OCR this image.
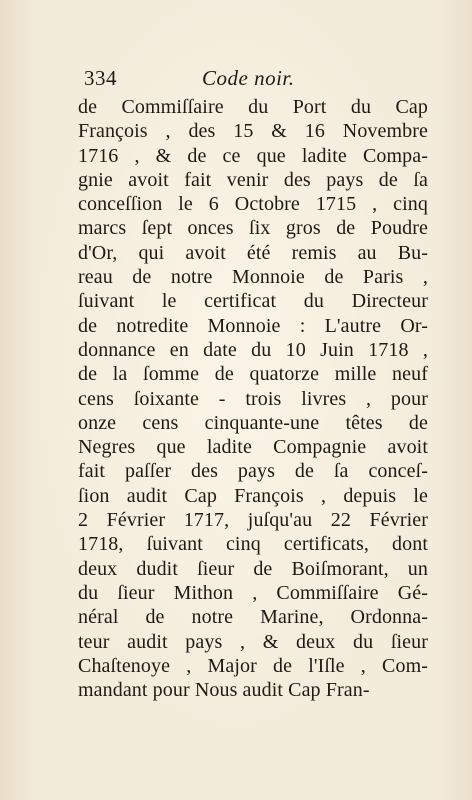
334	Code noir.
de Commiſſaire du Port du Cap
François , des 15 & 16 Novembre
1716 , & de ce que ladite Compa-
gnie avoit fait venir des pays de ſa
conceſſion le 6 Octobre 1715 , cinq
marcs ſept onces ſix gros de Poudre
d'Or, qui avoit été remis au Bu-
reau de notre Monnoie de Paris ,
ſuivant le certificat du Directeur
de notredite Monnoie : L'autre Or-
donnance en date du 10 Juin 1718 ,
de la ſomme de quatorze mille neuf
cens ſoixante - trois livres , pour
onze cens cinquante-une têtes de
Negres que ladite Compagnie avoit
fait paſſer des pays de ſa conceſ-
ſion audit Cap François , depuis le
2 Février 1717, juſqu'au 22 Février
1718, ſuivant cinq certificats, dont
deux dudit ſieur de Boiſmorant, un
du ſieur Mithon , Commiſſaire Gé-
néral de notre Marine, Ordonna-
teur audit pays , & deux du ſieur
Chaſtenoye , Major de l'Iſle , Com-
mandant pour Nous audit Cap Fran-
